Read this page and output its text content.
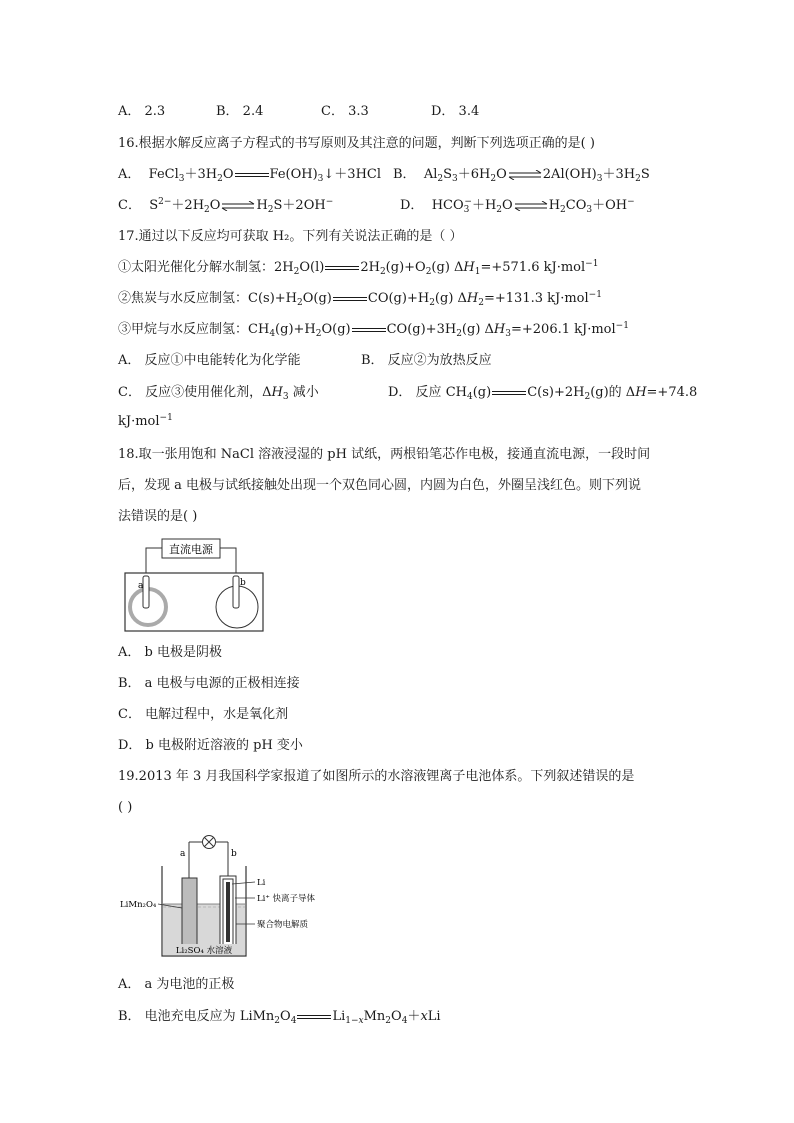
A． 2.3	B． 2.4	C． 3.3	D． 3.4
16.根据水解反应离子方程式的书写原则及其注意的问题，判断下列选项正确的是( )
A．  $FeCl_3+3H_2O$	$Fe(OH)_3↓+3HCl$ B．  $Al_2S_3+6H_2O\rightleftharpoons 2Al(OH)_3+3H_2S$
C．  $S^{2-}+2H_2O\rightleftharpoons H_2S+2OH^-$	D．  $HCO_3^-+H_2O\rightleftharpoons H_2CO_3+OH^-$
17.通过以下反应均可获取 H₂。下列有关说法正确的是（ ）
①太阳光催化分解水制氢：$2H_2O(l)$	$2H_2(g)+O_2(g)$ $\Delta H_1=+571.6$ kJ·mol$^{-1}$
②焦炭与水反应制氢：$C(s)+H_2O(g)$	$CO(g)+H_2(g)$ $\Delta H_2=+131.3$ kJ·mol$^{-1}$
③甲烷与水反应制氢：$CH_4(g)+H_2O(g)$	$CO(g)+3H_2(g)$ $\Delta H_3=+206.1$ kJ·mol$^{-1}$
A． 反应①中电能转化为化学能	B． 反应②为放热反应
C． 反应③使用催化剂，$\Delta H_3$ 减小	D． 反应 $CH_4(g)$	$C(s)+2H_2(g)$的 ΔH=+74.8
kJ·mol$^{-1}$
18.取一张用饱和 NaCl 溶液浸湿的 pH 试纸，两根铅笔芯作电极，接通直流电源，一段时间
后，发现 a 电极与试纸接触处出现一个双色同心圆，内圆为白色，外圈呈浅红色。则下列说
法错误的是( )
直流电源
a	b
A． b 电极是阴极
B． a 电极与电源的正极相连接
C． 电解过程中，水是氧化剂
D． b 电极附近溶液的 pH 变小
19.2013 年 3 月我国科学家报道了如图所示的水溶液锂离子电池体系。下列叙述错误的是
( )
a	b
LiMn₂O₄
Li
Li⁺ 快离子导体
聚合物电解质
Li₂SO₄ 水溶液
A． a 为电池的正极
B． 电池充电反应为 $LiMn_2O_4$	$Li_{1-x}Mn_2O_4+xLi$
